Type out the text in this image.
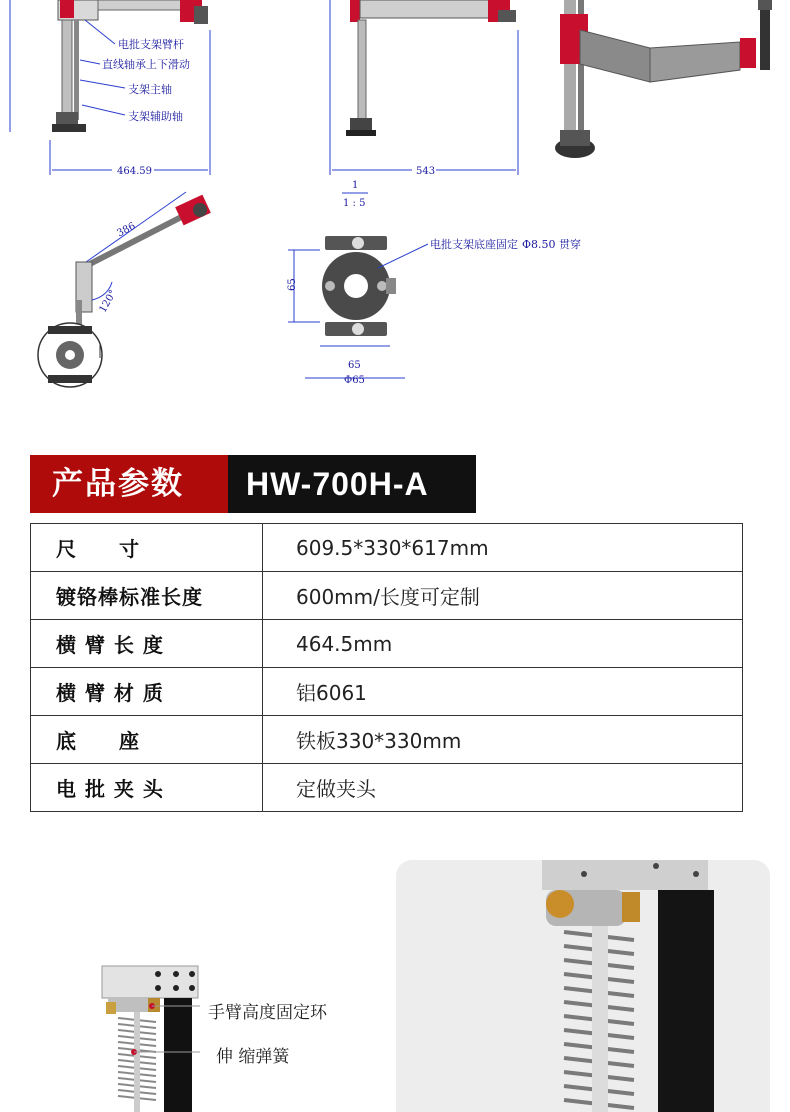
464.59
电批支架臂杆
直线轴承上下滑动
支架主轴
支架辅助轴
543
1
1 : 5
386
120°
65
65
Φ65
电批支架底座固定 Φ8.50 贯穿
产品参数 HW-700H-A
尺　　寸	609.5*330*617mm
镀铬棒标准长度	600mm/长度可定制
横 臂 长 度	464.5mm
横 臂 材 质	铝6061
底　　座	铁板330*330mm
电 批 夹 头	定做夹头
手臂高度固定环
伸 缩弹簧
